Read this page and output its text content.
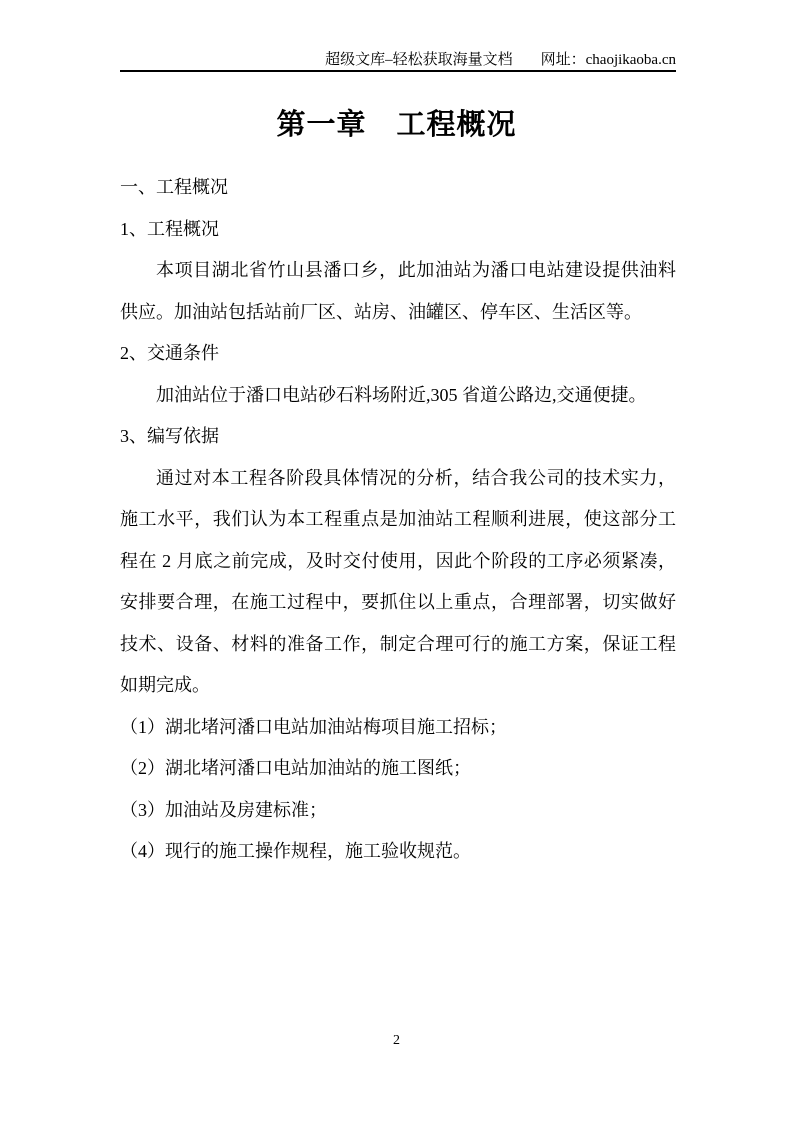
超级文库–轻松获取海量文档 网址：chaojikaoba.cn
第一章　工程概况

一、工程概况

1、工程概况

本项目湖北省竹山县潘口乡，此加油站为潘口电站建设提供油料供应。加油站包括站前厂区、站房、油罐区、停车区、生活区等。

2、交通条件

加油站位于潘口电站砂石料场附近,305 省道公路边,交通便捷。

3、编写依据

通过对本工程各阶段具体情况的分析，结合我公司的技术实力，施工水平，我们认为本工程重点是加油站工程顺利进展，使这部分工程在 2 月底之前完成，及时交付使用，因此个阶段的工序必须紧凑，安排要合理，在施工过程中，要抓住以上重点，合理部署，切实做好技术、设备、材料的准备工作，制定合理可行的施工方案，保证工程如期完成。

（1）湖北堵河潘口电站加油站梅项目施工招标；

（2）湖北堵河潘口电站加油站的施工图纸；

（3）加油站及房建标准；

（4）现行的施工操作规程，施工验收规范。

2
